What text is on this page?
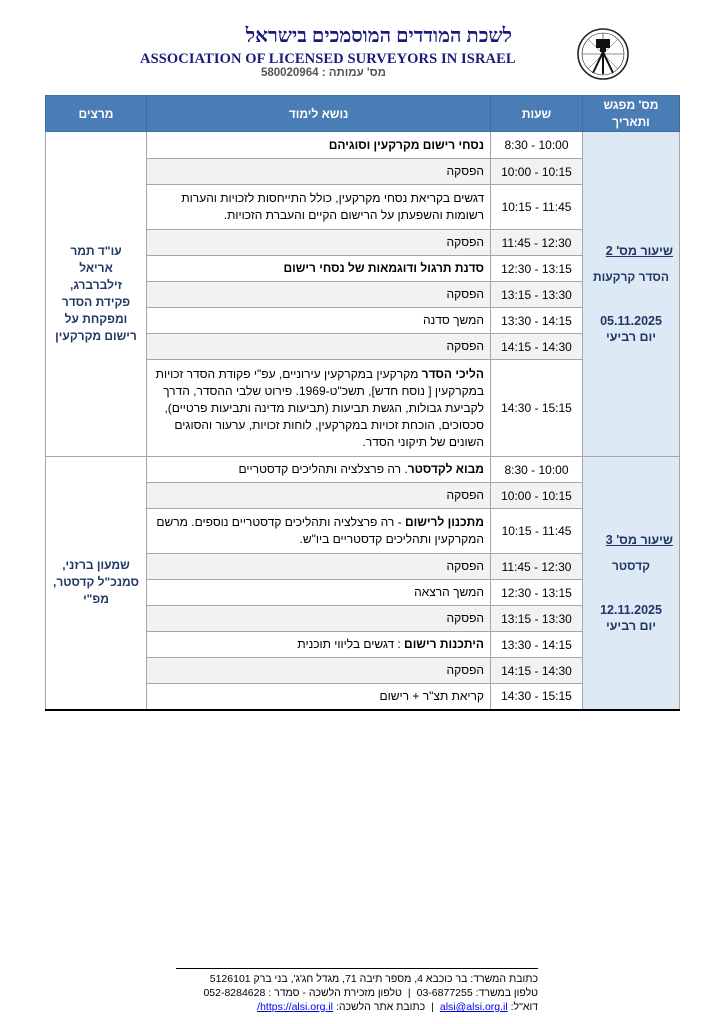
לשכת המודדים המוסמכים בישראל
ASSOCIATION OF LICENSED SURVEYORS IN ISRAEL
מס' עמותה : 580020964
מס' מפגש ותאריך	שעות	נושא לימוד	מרצים

שיעור מס' 2
הסדר קרקעות
05.11.2025
יום רביעי	8:30 - 10:00	נסחי רישום מקרקעין וסוגיהם	עו"ד תמר אריאל זילברברג, פקידת הסדר ומפקחת על רישום מקרקעין
	10:00 - 10:15	הפסקה	
	10:15 - 11:45	דגשים בקריאת נסחי מקרקעין, כולל התייחסות לזכויות והערות רשומות והשפעתן על הרישום הקיים והעברת הזכויות.	
	11:45 - 12:30	הפסקה	
	12:30 - 13:15	סדנת תרגול ודוגמאות של נסחי רישום	
	13:15 - 13:30	הפסקה	
	13:30 - 14:15	המשך סדנה	
	14:15 - 14:30	הפסקה	
	14:30 - 15:15	הליכי הסדר מקרקעין במקרקעין עירוניים, עפ"י פקודת הסדר זכויות במקרקעין [ נוסח חדש], תשכ"ט-1969. פירוט שלבי ההסדר, הדרך לקביעת גבולות, הגשת תביעות (תביעות מדינה ותביעות פרטיים), סכסוכים, הוכחת זכויות במקרקעין, לוחות זכויות, ערעור והסוגים השונים של תיקוני הסדר.	

שיעור מס' 3
קדסטר
12.11.2025
יום רביעי	8:30 - 10:00	מבוא לקדסטר. רה פרצלציה ותהליכים קדסטריים	שמעון ברזני, סמנכ"ל קדסטר, מפ"י
	10:00 - 10:15	הפסקה	
	10:15 - 11:45	מתכנון לרישום - רה פרצלציה ותהליכים קדסטריים נוספים. מרשם המקרקעין ותהליכים קדסטריים ביו"ש.	
	11:45 - 12:30	הפסקה	
	12:30 - 13:15	המשך הרצאה	
	13:15 - 13:30	הפסקה	
	13:30 - 14:15	היתכנות רישום : דגשים בליווי תוכנית	
	14:15 - 14:30	הפסקה	
	14:30 - 15:15	קריאת תצ"ר + רישום	
כתובת המשרד: בר כוכבא 4, מספר תיבה 71, מגדל חג'ג', בני ברק 5126101
טלפון במשרד: 03-6877255|טלפון מזכירת הלשכה - סמדר : 052-8284628
דוא"ל: alsi@alsi.org.il|כתובת אתר הלשכה: https://alsi.org.il/
